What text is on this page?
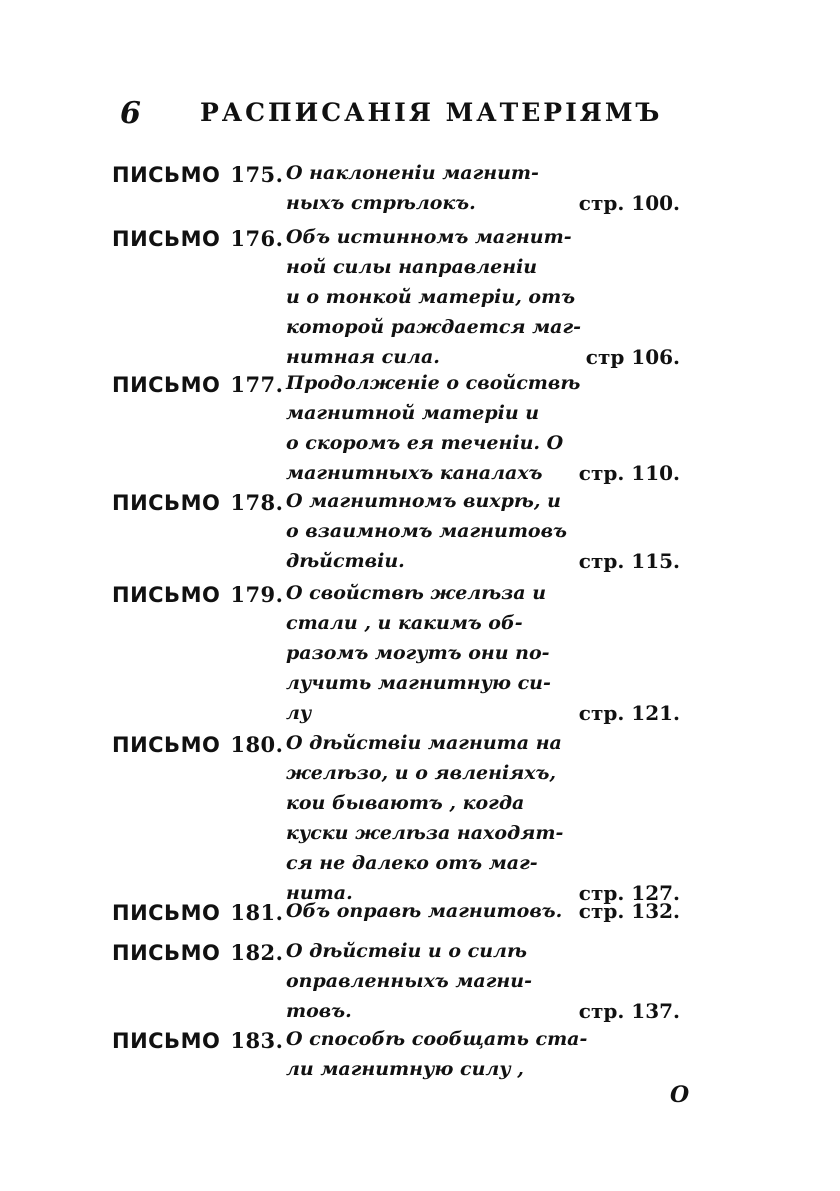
6 РАСПИСАНІЯ МАТЕРІЯМЪ
ПИСЬМО 175. О наклоненіи магнит-
ныхъ стрѣлокъ.	стр. 100.
ПИСЬМО 176. Объ истинномъ магнит-
ной силы направленіи
и о тонкой матеріи, отъ
которой раждается маг-
нитная сила.	стр 106.
ПИСЬМО 177. Продолженіе о свойствѣ
магнитной матеріи и
о скоромъ ея теченіи. О
магнитныхъ каналахъ стр. 110.
ПИСЬМО 178. О магнитномъ вихрѣ, и
о взаимномъ магнитовъ
дѣйствіи.	стр. 115.
ПИСЬМО 179. О свойствѣ желѣза и
стали , и какимъ об-
разомъ могутъ они по-
лучить магнитную си-
лу	стр. 121.
ПИСЬМО 180. О дѣйствіи магнита на
желѣзо, и о явленіяхъ,
кои бываютъ , когда
куски желѣза находят-
ся не далеко отъ маг-
нита.	стр. 127.
ПИСЬМО 181. Объ оправѣ магнитовъ. стр. 132.
ПИСЬМО 182. О дѣйствіи и о силѣ
оправленныхъ магни-
товъ.	стр. 137.
ПИСЬМО 183. О способѣ сообщать ста-
ли магнитную силу ,
О
